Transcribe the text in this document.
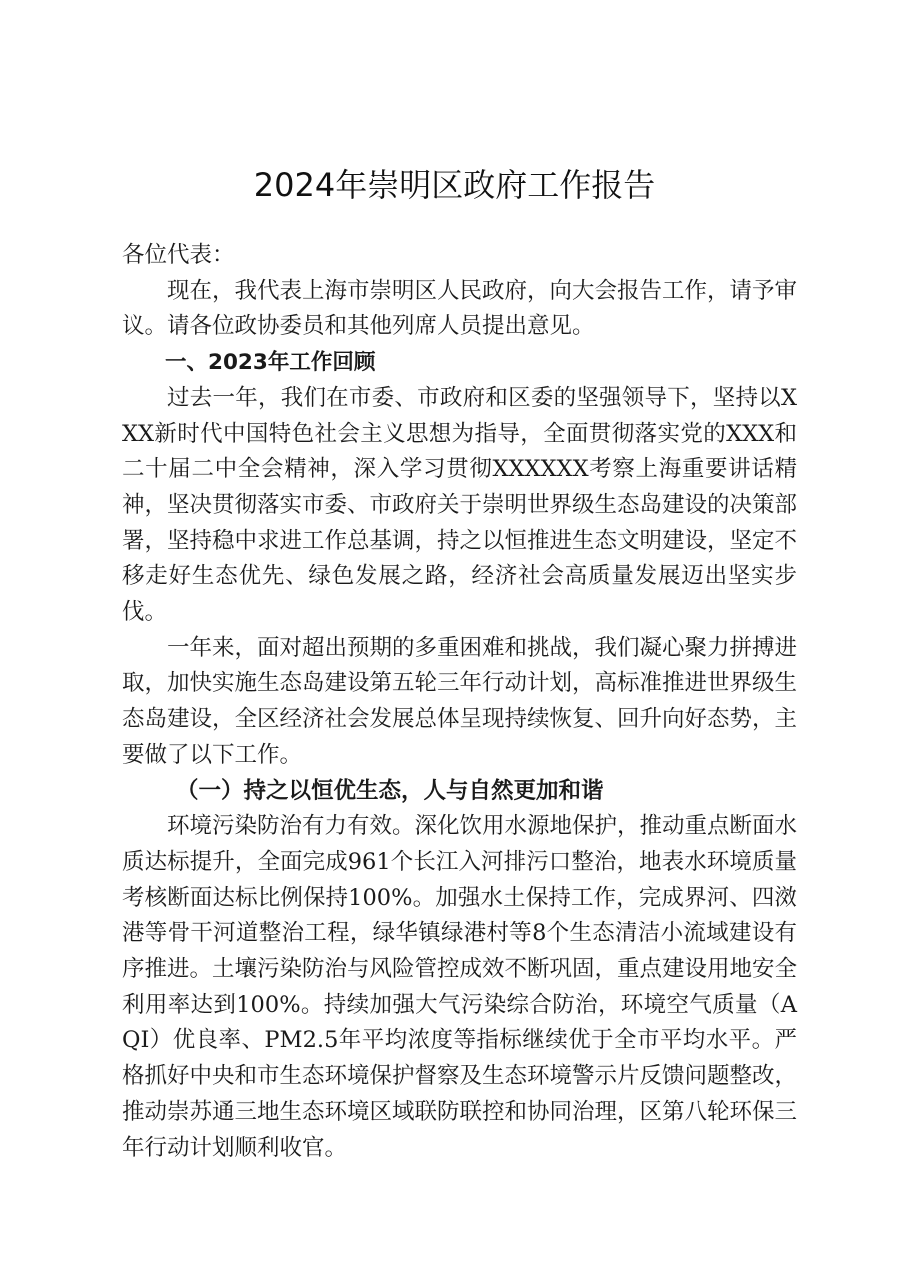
2024年崇明区政府工作报告

各位代表：

现在，我代表上海市崇明区人民政府，向大会报告工作，请予审议。请各位政协委员和其他列席人员提出意见。

一、2023年工作回顾

过去一年，我们在市委、市政府和区委的坚强领导下，坚持以XXX新时代中国特色社会主义思想为指导，全面贯彻落实党的XXX和二十届二中全会精神，深入学习贯彻XXXXXX考察上海重要讲话精神，坚决贯彻落实市委、市政府关于崇明世界级生态岛建设的决策部署，坚持稳中求进工作总基调，持之以恒推进生态文明建设，坚定不移走好生态优先、绿色发展之路，经济社会高质量发展迈出坚实步伐。

一年来，面对超出预期的多重困难和挑战，我们凝心聚力拼搏进取，加快实施生态岛建设第五轮三年行动计划，高标准推进世界级生态岛建设，全区经济社会发展总体呈现持续恢复、回升向好态势，主要做了以下工作。

（一）持之以恒优生态，人与自然更加和谐

环境污染防治有力有效。深化饮用水源地保护，推动重点断面水质达标提升，全面完成961个长江入河排污口整治，地表水环境质量考核断面达标比例保持100%。加强水土保持工作，完成界河、四滧港等骨干河道整治工程，绿华镇绿港村等8个生态清洁小流域建设有序推进。土壤污染防治与风险管控成效不断巩固，重点建设用地安全利用率达到100%。持续加强大气污染综合防治，环境空气质量（AQI）优良率、PM2.5年平均浓度等指标继续优于全市平均水平。严格抓好中央和市生态环境保护督察及生态环境警示片反馈问题整改，推动崇苏通三地生态环境区域联防联控和协同治理，区第八轮环保三年行动计划顺利收官。
